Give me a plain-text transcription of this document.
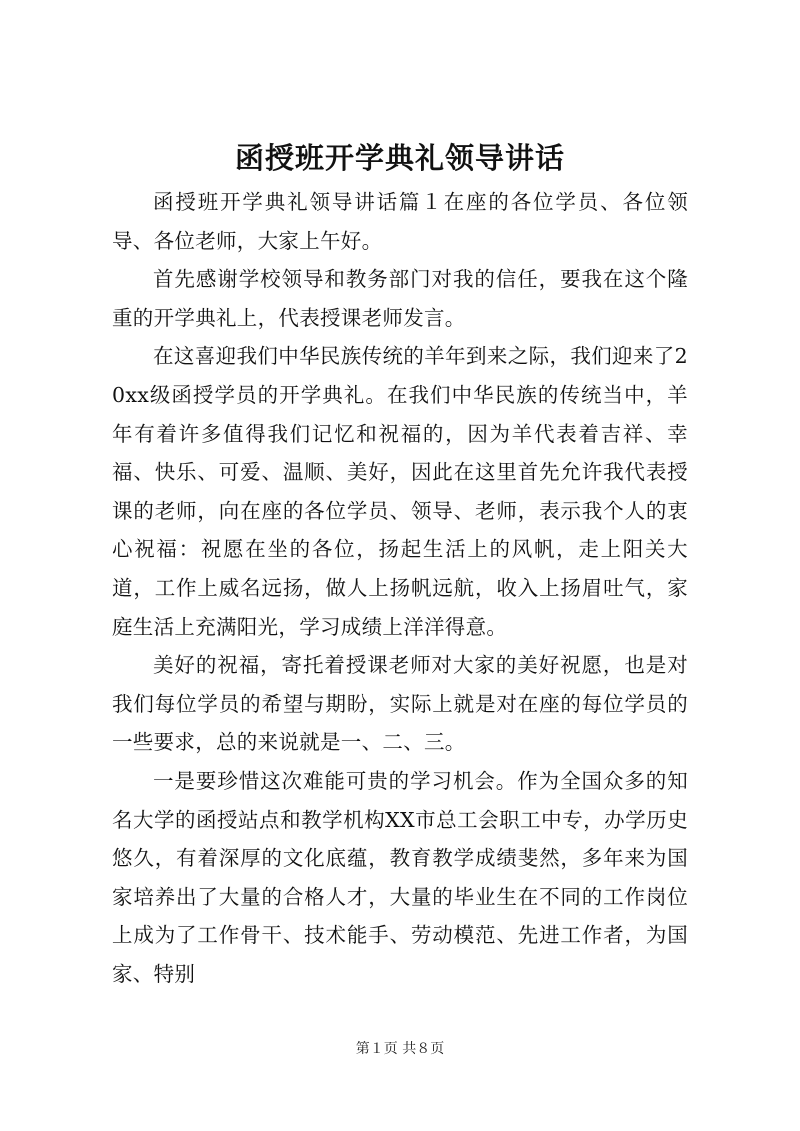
函授班开学典礼领导讲话

函授班开学典礼领导讲话篇１在座的各位学员、各位领导、各位老师，大家上午好。

首先感谢学校领导和教务部门对我的信任，要我在这个隆重的开学典礼上，代表授课老师发言。

在这喜迎我们中华民族传统的羊年到来之际，我们迎来了20xx级函授学员的开学典礼。在我们中华民族的传统当中，羊年有着许多值得我们记忆和祝福的，因为羊代表着吉祥、幸福、快乐、可爱、温顺、美好，因此在这里首先允许我代表授课的老师，向在座的各位学员、领导、老师，表示我个人的衷心祝福：祝愿在坐的各位，扬起生活上的风帆，走上阳关大道，工作上威名远扬，做人上扬帆远航，收入上扬眉吐气，家庭生活上充满阳光，学习成绩上洋洋得意。

美好的祝福，寄托着授课老师对大家的美好祝愿，也是对我们每位学员的希望与期盼，实际上就是对在座的每位学员的一些要求，总的来说就是一、二、三。

一是要珍惜这次难能可贵的学习机会。作为全国众多的知名大学的函授站点和教学机构XX市总工会职工中专，办学历史悠久，有着深厚的文化底蕴，教育教学成绩斐然，多年来为国家培养出了大量的合格人才，大量的毕业生在不同的工作岗位上成为了工作骨干、技术能手、劳动模范、先进工作者，为国家、特别

第１页 共８页
